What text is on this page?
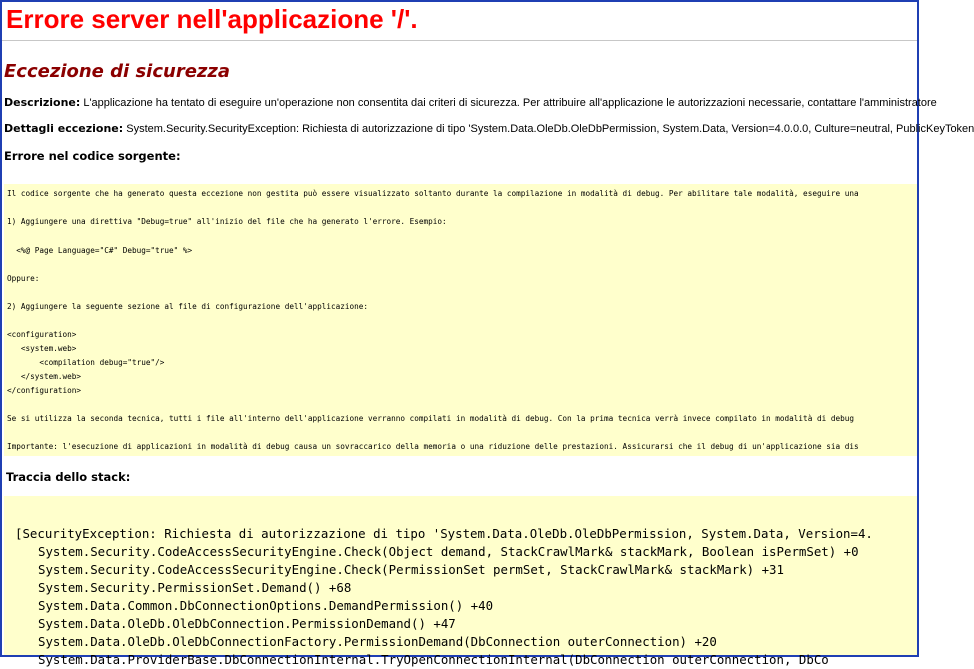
Errore server nell'applicazione '/'.
Eccezione di sicurezza
Descrizione: L'applicazione ha tentato di eseguire un'operazione non consentita dai criteri di sicurezza. Per attribuire all'applicazione le autorizzazioni necessarie, contattare l'amministratore
Dettagli eccezione: System.Security.SecurityException: Richiesta di autorizzazione di tipo 'System.Data.OleDb.OleDbPermission, System.Data, Version=4.0.0.0, Culture=neutral, PublicKeyToken
Errore nel codice sorgente:
Il codice sorgente che ha generato questa eccezione non gestita può essere visualizzato soltanto durante la compilazione in modalità di debug. Per abilitare tale modalità, eseguire una
1) Aggiungere una direttiva "Debug=true" all'inizio del file che ha generato l'errore. Esempio:
<%@ Page Language="C#" Debug="true" %>
Oppure:
2) Aggiungere la seguente sezione al file di configurazione dell'applicazione:
<configuration>
<system.web>
<compilation debug="true"/>
</system.web>
</configuration>
Se si utilizza la seconda tecnica, tutti i file all'interno dell'applicazione verranno compilati in modalità di debug. Con la prima tecnica verrà invece compilato in modalità di debug
Importante: l'esecuzione di applicazioni in modalità di debug causa un sovraccarico della memoria o una riduzione delle prestazioni. Assicurarsi che il debug di un'applicazione sia dis
Traccia dello stack:
[SecurityException: Richiesta di autorizzazione di tipo 'System.Data.OleDb.OleDbPermission, System.Data, Version=4.
System.Security.CodeAccessSecurityEngine.Check(Object demand, StackCrawlMark& stackMark, Boolean isPermSet) +0
System.Security.CodeAccessSecurityEngine.Check(PermissionSet permSet, StackCrawlMark& stackMark) +31
System.Security.PermissionSet.Demand() +68
System.Data.Common.DbConnectionOptions.DemandPermission() +40
System.Data.OleDb.OleDbConnection.PermissionDemand() +47
System.Data.OleDb.OleDbConnectionFactory.PermissionDemand(DbConnection outerConnection) +20
System.Data.ProviderBase.DbConnectionInternal.TryOpenConnectionInternal(DbConnection outerConnection, DbCo
